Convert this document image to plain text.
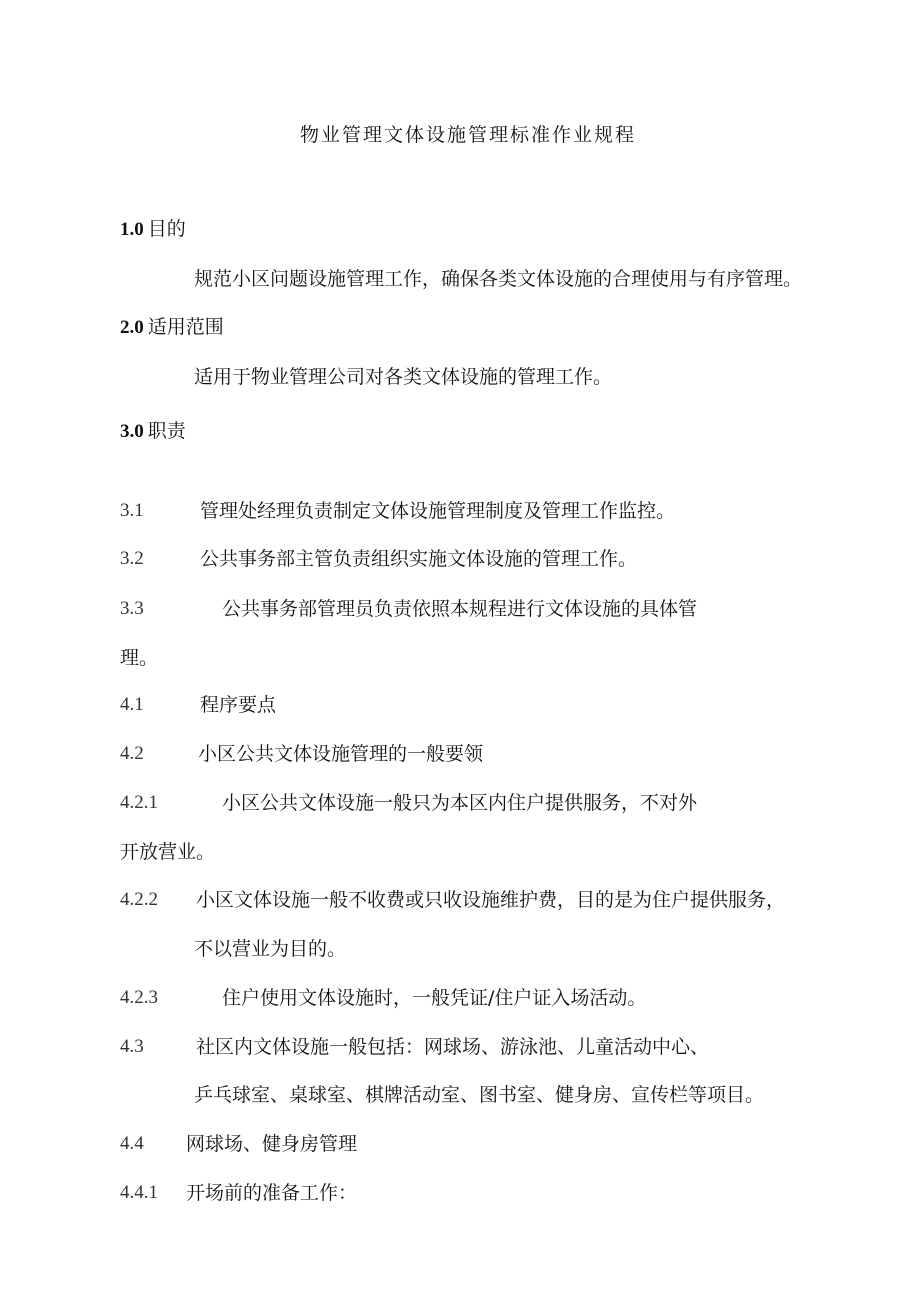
物业管理文体设施管理标准作业规程
1.0 目的
规范小区问题设施管理工作，确保各类文体设施的合理使用与有序管理。
2.0 适用范围
适用于物业管理公司对各类文体设施的管理工作。
3.0 职责
3.1	管理处经理负责制定文体设施管理制度及管理工作监控。
3.2	公共事务部主管负责组织实施文体设施的管理工作。
3.3	公共事务部管理员负责依照本规程进行文体设施的具体管
理。
4.1	程序要点
4.2	小区公共文体设施管理的一般要领
4.2.1	小区公共文体设施一般只为本区内住户提供服务，不对外
开放营业。
4.2.2 小区文体设施一般不收费或只收设施维护费，目的是为住户提供服务，
不以营业为目的。
4.2.3	住户使用文体设施时，一般凭证/住户证入场活动。
4.3	社区内文体设施一般包括：网球场、游泳池、儿童活动中心、
乒乓球室、桌球室、棋牌活动室、图书室、健身房、宣传栏等项目。
4.4 网球场、健身房管理
4.4.1 开场前的准备工作：
